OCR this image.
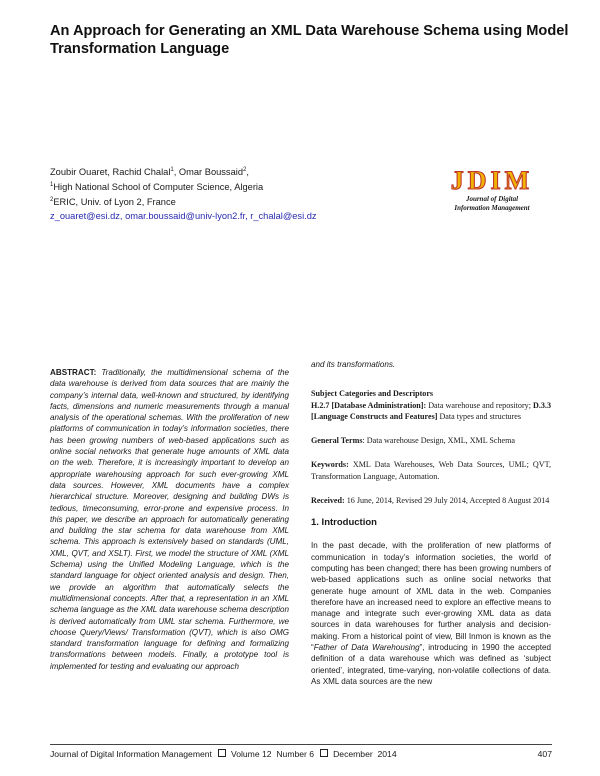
An Approach for Generating an XML Data Warehouse Schema using Model Transformation Language
Zoubir Ouaret, Rachid Chalal$^1$, Omar Boussaid$^2$,
$^1$High National School of Computer Science, Algeria
$^2$ERIC, Univ. of Lyon 2, France
z_ouaret@esi.dz, omar.boussaid@univ-lyon2.fr, r_chalal@esi.dz
JDIM
Journal of Digital
Information Management

ABSTRACT: Traditionally, the multidimensional schema of the data warehouse is derived from data sources that are mainly the company’s internal data, well-known and structured, by identifying facts, dimensions and numeric measurements through a manual analysis of the operational schemas. With the proliferation of new platforms of communication in today’s information societies, there has been growing numbers of web-based applications such as online social networks that generate huge amounts of XML data on the web. Therefore, it is increasingly important to develop an appropriate warehousing approach for such ever-growing XML data sources. However, XML documents have a complex hierarchical structure. Moreover, designing and building DWs is tedious, timeconsuming, error-prone and expensive process. In this paper, we describe an approach for automatically generating and building the star schema for data warehouse from XML schema. This approach is extensively based on standards (UML, XML, QVT, and XSLT). First, we model the structure of XML (XML Schema) using the Unified Modeling Language, which is the standard language for object oriented analysis and design. Then, we provide an algorithm that automatically selects the multidimensional concepts. After that, a representation in an XML schema language as the XML data warehouse schema description is derived automatically from UML star schema. Furthermore, we choose Query/Views/ Transformation (QVT), which is also OMG standard transformation language for defining and formalizing transformations between models. Finally, a prototype tool is implemented for testing and evaluating our approach

and its transformations.

Subject Categories and Descriptors

H.2.7 [Database Administration]: Data warehouse and repository; D.3.3 [Language Constructs and Features] Data types and structures

General Terms: Data warehouse Design, XML, XML Schema

Keywords: XML Data Warehouses, Web Data Sources, UML; QVT, Transformation Language, Automation.

Received: 16 June, 2014, Revised 29 July 2014, Accepted 8 August 2014

1. Introduction

In the past decade, with the proliferation of new platforms of communication in today’s information societies, the world of computing has been changed; there has been growing numbers of web-based applications such as online social networks that generate huge amount of XML data in the web. Companies therefore have an increased need to explore an effective means to manage and integrate such ever-growing XML data as data sources in data warehouses for further analysis and decision-making. From a historical point of view, Bill Inmon is known as the “Father of Data Warehousing”, introducing in 1990 the accepted definition of a data warehouse which was defined as ‘subject oriented’, integrated, time-varying, non-volatile collections of data. As XML data sources are the new

Journal of Digital Information Management Volume 12 Number 6 December  2014	407
